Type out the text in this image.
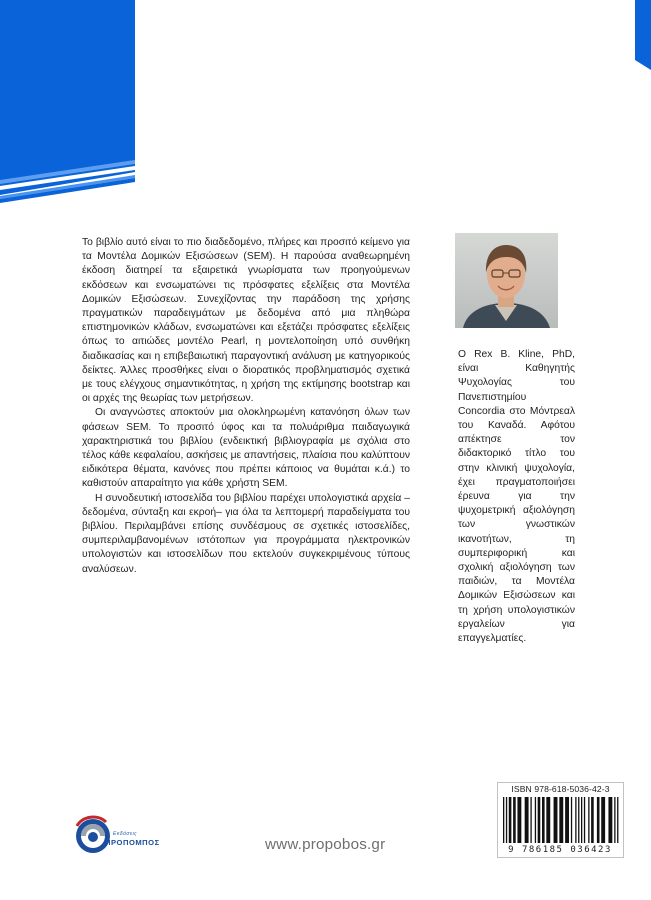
Το βιβλίο αυτό είναι το πιο διαδεδομένο, πλήρες και προσιτό κείμενο για τα Μοντέλα Δομικών Εξισώσεων (SEM). Η παρούσα αναθεωρημένη έκδοση διατηρεί τα εξαιρετικά γνωρίσματα των προηγούμενων εκδόσεων και ενσωματώνει τις πρόσφατες εξελίξεις στα Μοντέλα Δομικών Εξισώσεων. Συνεχίζοντας την παράδοση της χρήσης πραγματικών παραδειγμάτων με δεδομένα από μια πληθώρα επιστημονικών κλάδων, ενσωματώνει και εξετάζει πρόσφατες εξελίξεις όπως το αιτιώδες μοντέλο Pearl, η μοντελοποίηση υπό συνθήκη διαδικασίας και η επιβεβαιωτική παραγοντική ανάλυση με κατηγορικούς δείκτες. Άλλες προσθήκες είναι ο διορατικός προβληματισμός σχετικά με τους ελέγχους σημαντικότητας, η χρήση της εκτίμησης bootstrap και οι αρχές της θεωρίας των μετρήσεων.

Οι αναγνώστες αποκτούν μια ολοκληρωμένη κατανόηση όλων των φάσεων SEM. Το προσιτό ύφος και τα πολυάριθμα παιδαγωγικά χαρακτηριστικά του βιβλίου (ενδεικτική βιβλιογραφία με σχόλια στο τέλος κάθε κεφαλαίου, ασκήσεις με απαντήσεις, πλαίσια που καλύπτουν ειδικότερα θέματα, κανόνες που πρέπει κάποιος να θυμάται κ.ά.) το καθιστούν απαραίτητο για κάθε χρήστη SEM.

Η συνοδευτική ιστοσελίδα του βιβλίου παρέχει υπολογιστικά αρχεία –δεδομένα, σύνταξη και εκροή– για όλα τα λεπτομερή παραδείγματα του βιβλίου. Περιλαμβάνει επίσης συνδέσμους σε σχετικές ιστοσελίδες, συμπεριλαμβανομένων ιστότοπων για προγράμματα ηλεκτρονικών υπολογιστών και ιστοσελίδων που εκτελούν συγκεκριμένους τύπους αναλύσεων.

Ο Rex B. Kline, PhD, είναι Καθηγητής Ψυχολογίας του Πανεπιστημίου Concordia στο Μόντρεαλ του Καναδά. Αφότου απέκτησε τον διδακτορικό τίτλο του στην κλινική ψυχολογία, έχει πραγματοποιήσει έρευνα για την ψυχομετρική αξιολόγηση των γνωστικών ικανοτήτων, τη συμπεριφορική και σχολική αξιολόγηση των παιδιών, τα Μοντέλα Δομικών Εξισώσεων και τη χρήση υπολογιστικών εργαλείων για επαγγελματίες.
ISBN 978-618-5036-42-3
9 786185 036423
Εκδόσεις
ΠΡΟΠΟΜΠΟΣ	www.propobos.gr
